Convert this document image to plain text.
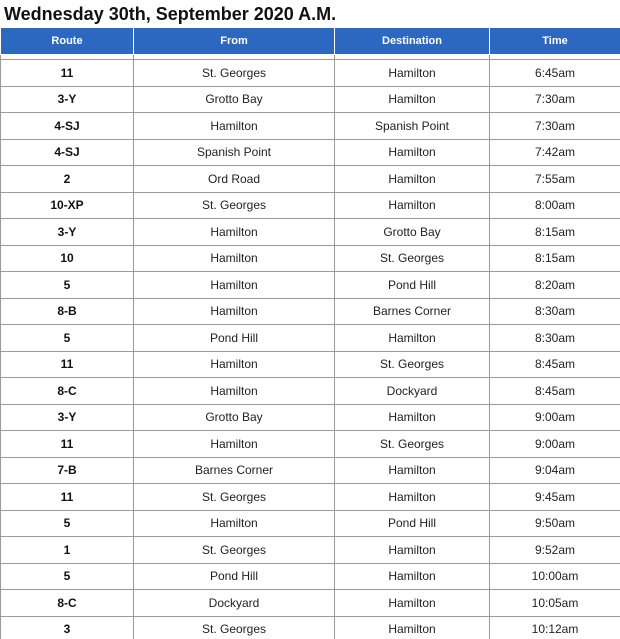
Wednesday 30th, September 2020 A.M.
Route	From	Destination	Time

11	St. Georges	Hamilton	6:45am
3-Y	Grotto Bay	Hamilton	7:30am
4-SJ	Hamilton	Spanish Point	7:30am
4-SJ	Spanish Point	Hamilton	7:42am
2	Ord Road	Hamilton	7:55am
10-XP	St. Georges	Hamilton	8:00am
3-Y	Hamilton	Grotto Bay	8:15am
10	Hamilton	St. Georges	8:15am
5	Hamilton	Pond Hill	8:20am
8-B	Hamilton	Barnes Corner	8:30am
5	Pond Hill	Hamilton	8:30am
11	Hamilton	St. Georges	8:45am
8-C	Hamilton	Dockyard	8:45am
3-Y	Grotto Bay	Hamilton	9:00am
11	Hamilton	St. Georges	9:00am
7-B	Barnes Corner	Hamilton	9:04am
11	St. Georges	Hamilton	9:45am
5	Hamilton	Pond Hill	9:50am
1	St. Georges	Hamilton	9:52am
5	Pond Hill	Hamilton	10:00am
8-C	Dockyard	Hamilton	10:05am
3	St. Georges	Hamilton	10:12am
